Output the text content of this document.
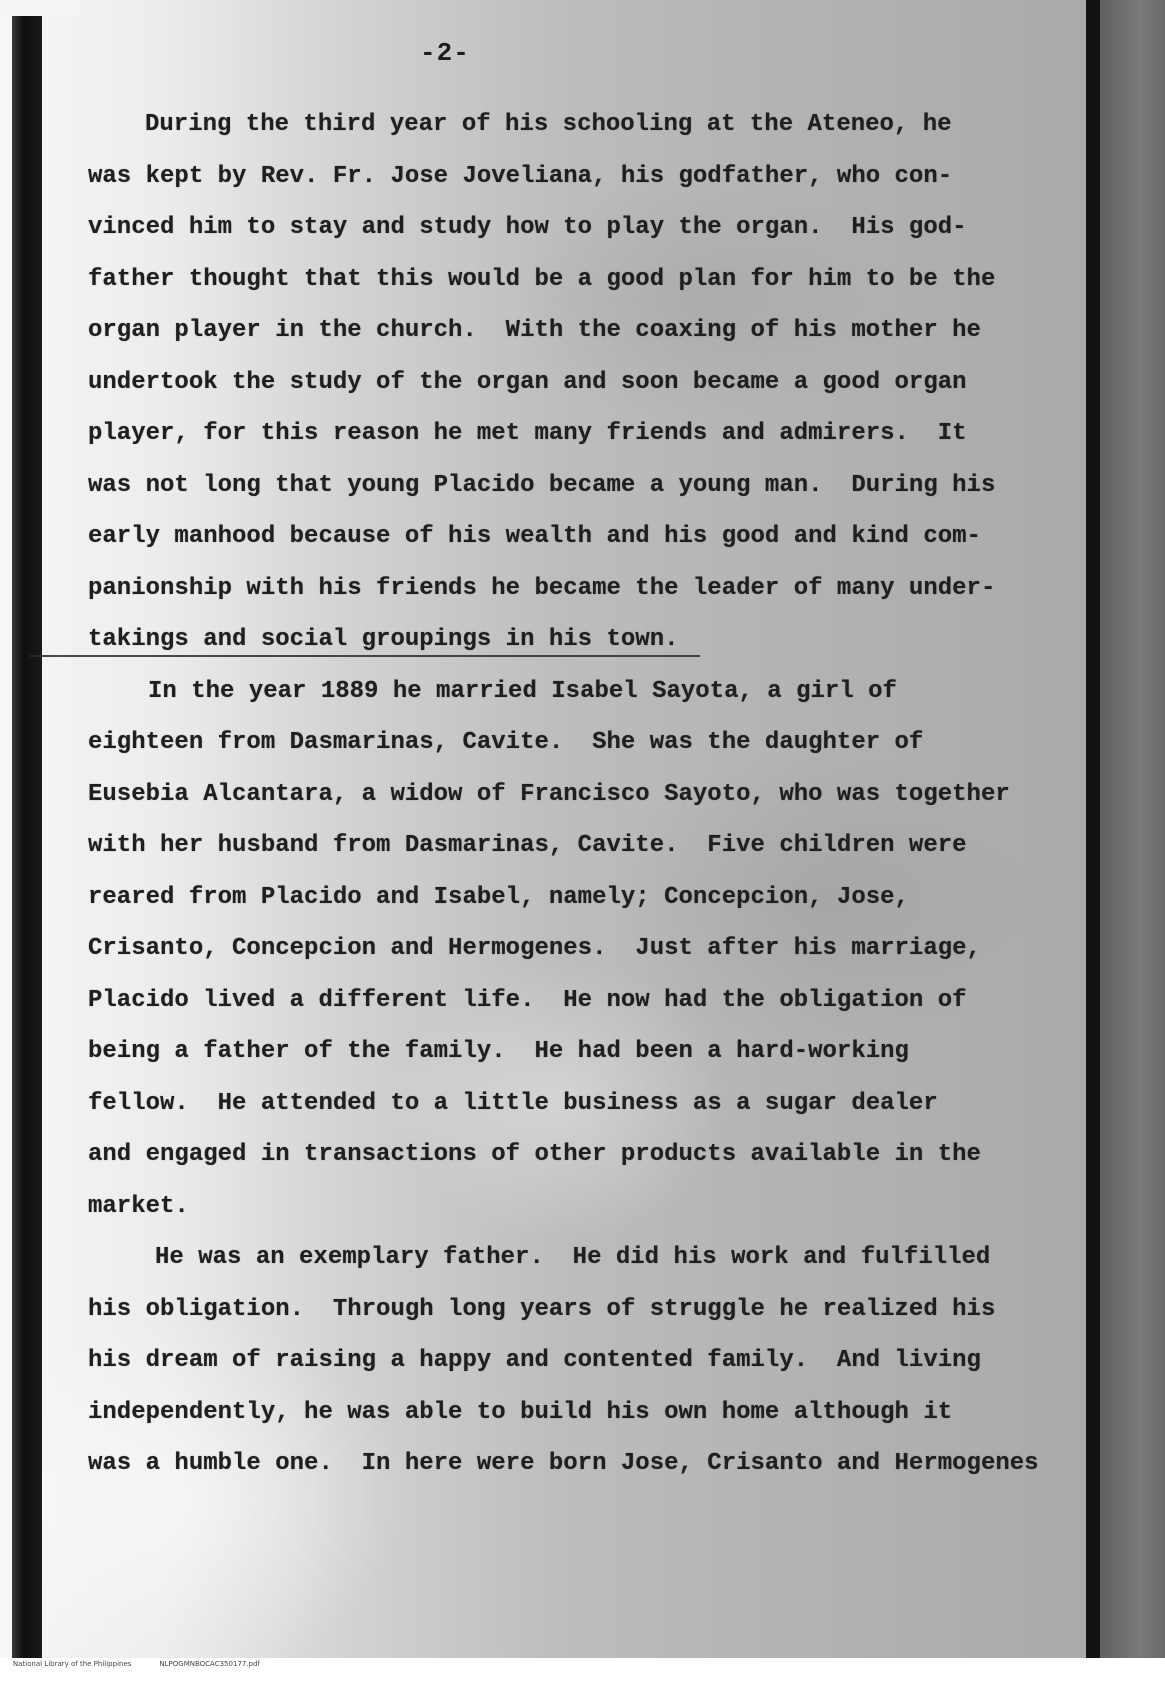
-2-
During the third year of his schooling at the Ateneo, he
was kept by Rev. Fr. Jose Joveliana, his godfather, who con-
vinced him to stay and study how to play the organ.  His god-
father thought that this would be a good plan for him to be the
organ player in the church.  With the coaxing of his mother he
undertook the study of the organ and soon became a good organ
player, for this reason he met many friends and admirers.  It
was not long that young Placido became a young man.  During his
early manhood because of his wealth and his good and kind com-
panionship with his friends he became the leader of many under-
takings and social groupings in his town.
In the year 1889 he married Isabel Sayota, a girl of
eighteen from Dasmarinas, Cavite.  She was the daughter of
Eusebia Alcantara, a widow of Francisco Sayoto, who was together
with her husband from Dasmarinas, Cavite.  Five children were
reared from Placido and Isabel, namely; Concepcion, Jose,
Crisanto, Concepcion and Hermogenes.  Just after his marriage,
Placido lived a different life.  He now had the obligation of
being a father of the family.  He had been a hard-working
fellow.  He attended to a little business as a sugar dealer
and engaged in transactions of other products available in the
market.
He was an exemplary father.  He did his work and fulfilled
his obligation.  Through long years of struggle he realized his
his dream of raising a happy and contented family.  And living
independently, he was able to build his own home although it
was a humble one.  In here were born Jose, Crisanto and Hermogenes

National Library of the Philippines	NLPOGMNBOCAC350177.pdf
